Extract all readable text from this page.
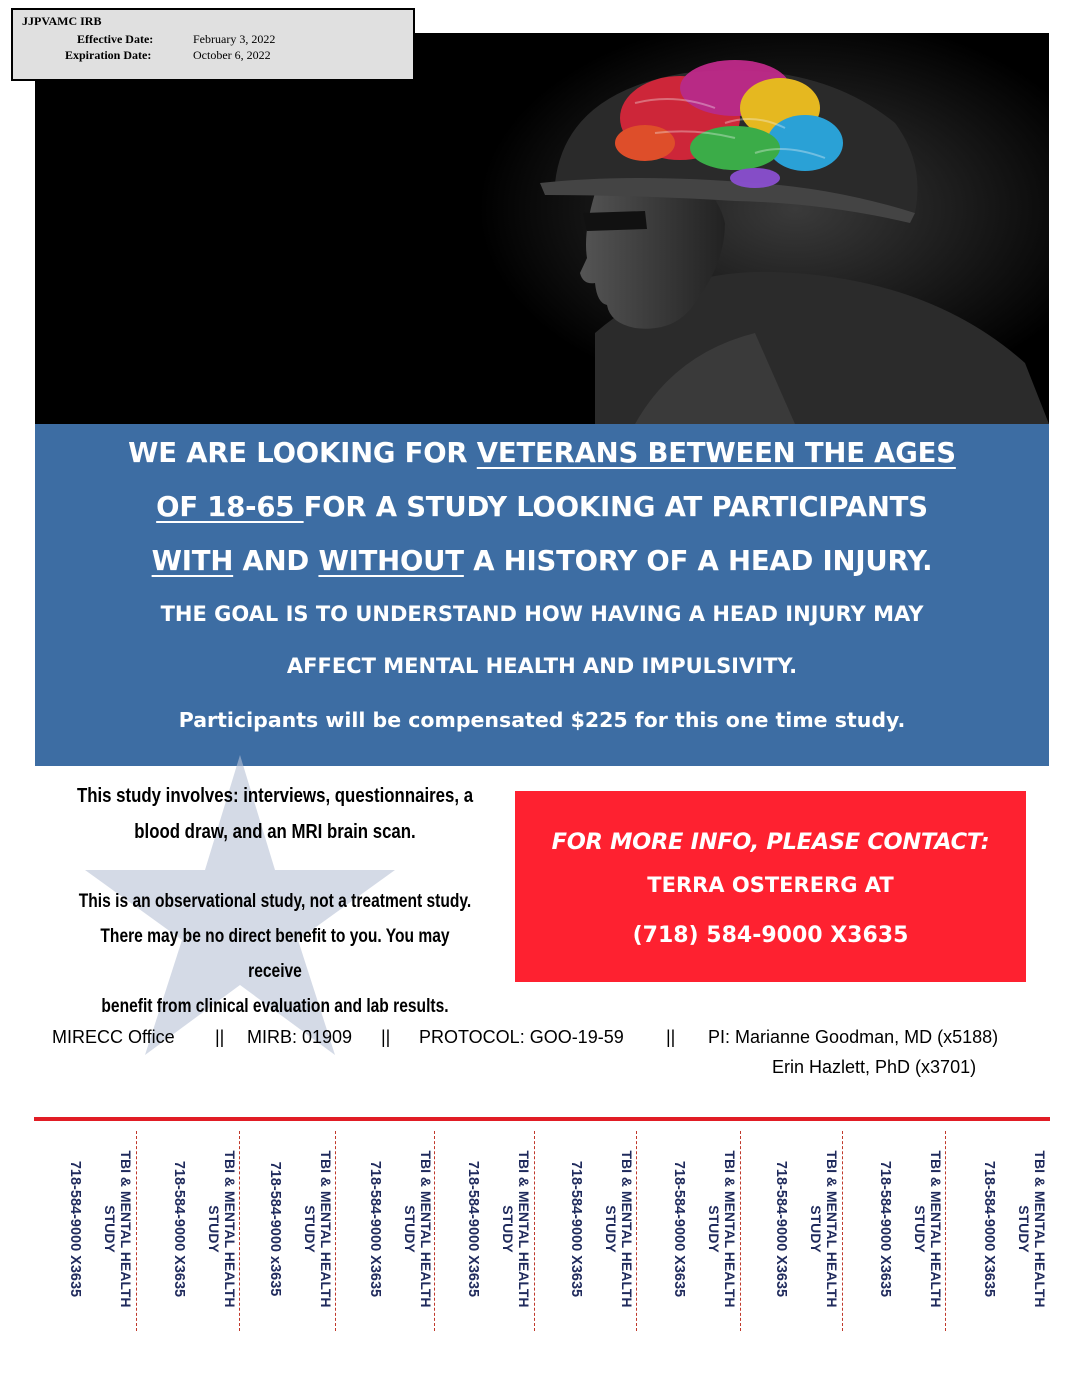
JJPVAMC IRB
Effective Date:	February 3, 2022
Expiration Date:	October 6, 2022
WE ARE LOOKING FOR VETERANS BETWEEN THE AGES
OF 18-65 FOR A STUDY LOOKING AT PARTICIPANTS
WITH AND WITHOUT A HISTORY OF A HEAD INJURY.
THE GOAL IS TO UNDERSTAND HOW HAVING A HEAD INJURY MAY
AFFECT MENTAL HEALTH AND IMPULSIVITY.
Participants will be compensated $225 for this one time study.
This study involves: interviews, questionnaires, a
blood draw, and an MRI brain scan.
This is an observational study, not a treatment study.
There may be no direct benefit to you. You may receive
benefit from clinical evaluation and lab results.
FOR MORE INFO, PLEASE CONTACT:
TERRA OSTERERG AT
(718) 584-9000 X3635
MIRECC Office || MIRB: 01909 || PROTOCOL: GOO-19-59 || PI: Marianne Goodman, MD (x5188)
Erin Hazlett, PhD (x3701)
TBI & MENTAL HEALTH STUDY
718-584-9000 X3635	TBI & MENTAL HEALTH STUDY
718-584-9000 X3635	TBI & MENTAL HEALTH STUDY
718-584-9000 x3635	TBI & MENTAL HEALTH STUDY
718-584-9000 X3635	TBI & MENTAL HEALTH STUDY
718-584-9000 X3635	TBI & MENTAL HEALTH STUDY
718-584-9000 X3635	TBI & MENTAL HEALTH STUDY
718-584-9000 X3635	TBI & MENTAL HEALTH STUDY
718-584-9000 X3635	TBI & MENTAL HEALTH STUDY
718-584-9000 X3635	TBI & MENTAL HEALTH STUDY
718-584-9000 X3635
